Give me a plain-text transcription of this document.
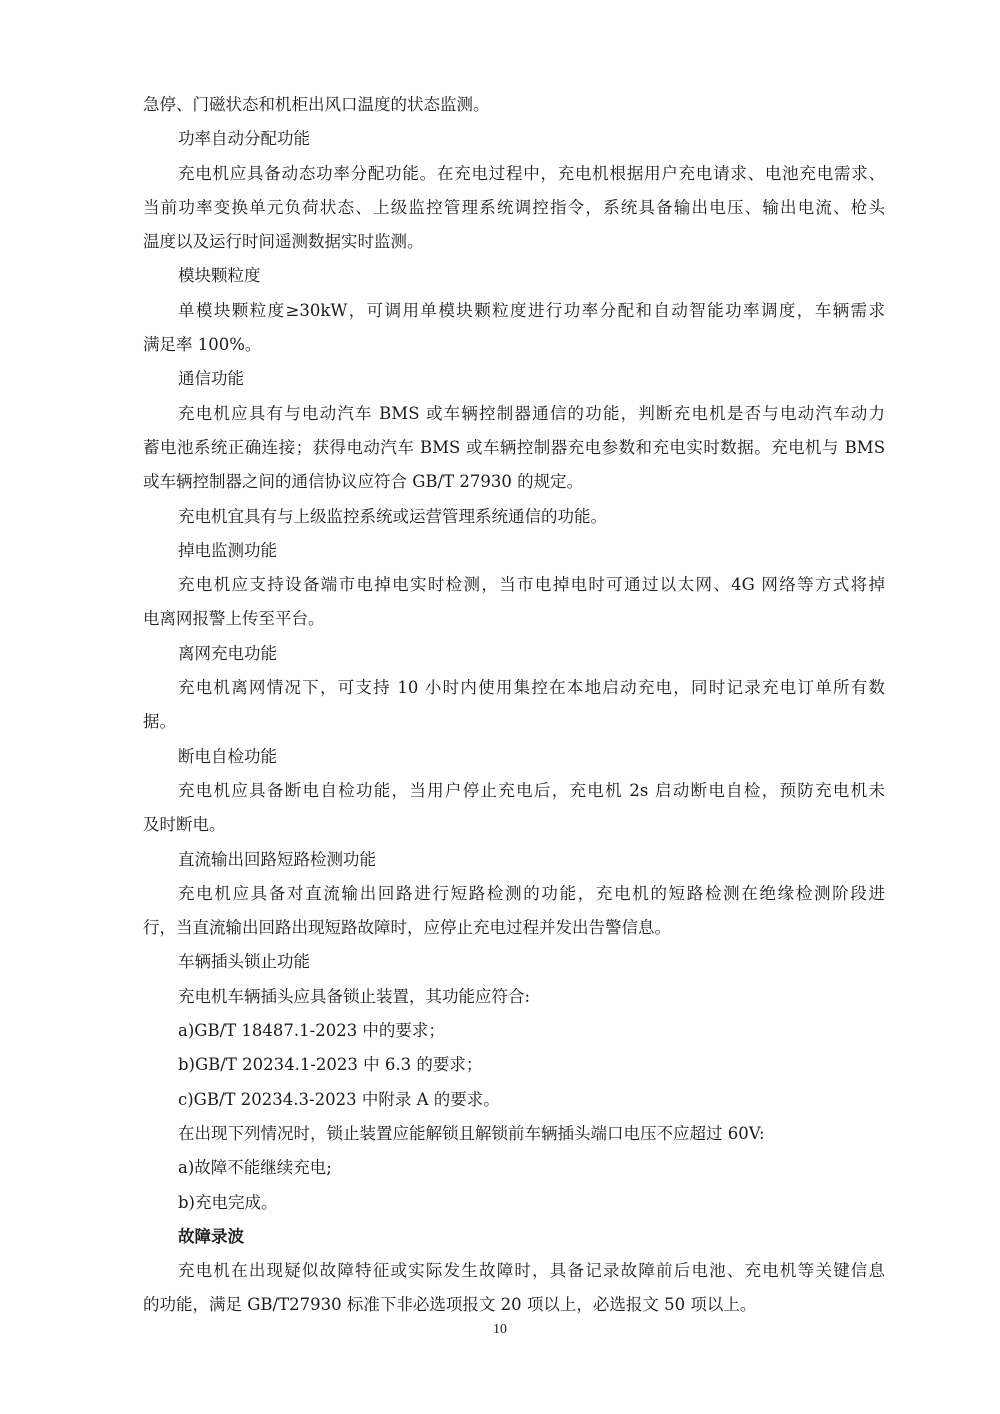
急停、门磁状态和机柜出风口温度的状态监测。
功率自动分配功能
充电机应具备动态功率分配功能。在充电过程中，充电机根据用户充电请求、电池充电需求、
当前功率变换单元负荷状态、上级监控管理系统调控指令，系统具备输出电压、输出电流、枪头
温度以及运行时间遥测数据实时监测。
模块颗粒度
单模块颗粒度≥30kW，可调用单模块颗粒度进行功率分配和自动智能功率调度，车辆需求
满足率 100%。
通信功能
充电机应具有与电动汽车 BMS 或车辆控制器通信的功能，判断充电机是否与电动汽车动力
蓄电池系统正确连接；获得电动汽车 BMS 或车辆控制器充电参数和充电实时数据。充电机与 BMS
或车辆控制器之间的通信协议应符合 GB/T 27930 的规定。
充电机宜具有与上级监控系统或运营管理系统通信的功能。
掉电监测功能
充电机应支持设备端市电掉电实时检测，当市电掉电时可通过以太网、4G 网络等方式将掉
电离网报警上传至平台。
离网充电功能
充电机离网情况下，可支持 10 小时内使用集控在本地启动充电，同时记录充电订单所有数
据。
断电自检功能
充电机应具备断电自检功能，当用户停止充电后，充电机 2s 启动断电自检，预防充电机未
及时断电。
直流输出回路短路检测功能
充电机应具备对直流输出回路进行短路检测的功能，充电机的短路检测在绝缘检测阶段进
行，当直流输出回路出现短路故障时，应停止充电过程并发出告警信息。
车辆插头锁止功能
充电机车辆插头应具备锁止装置，其功能应符合:
a)GB/T 18487.1-2023 中的要求；
b)GB/T 20234.1-2023 中 6.3 的要求；
c)GB/T 20234.3-2023 中附录 A 的要求。
在出现下列情况时，锁止装置应能解锁且解锁前车辆插头端口电压不应超过 60V:
a)故障不能继续充电;
b)充电完成。
故障录波
充电机在出现疑似故障特征或实际发生故障时，具备记录故障前后电池、充电机等关键信息
的功能，满足 GB/T27930 标准下非必选项报文 20 项以上，必选报文 50 项以上。
10
